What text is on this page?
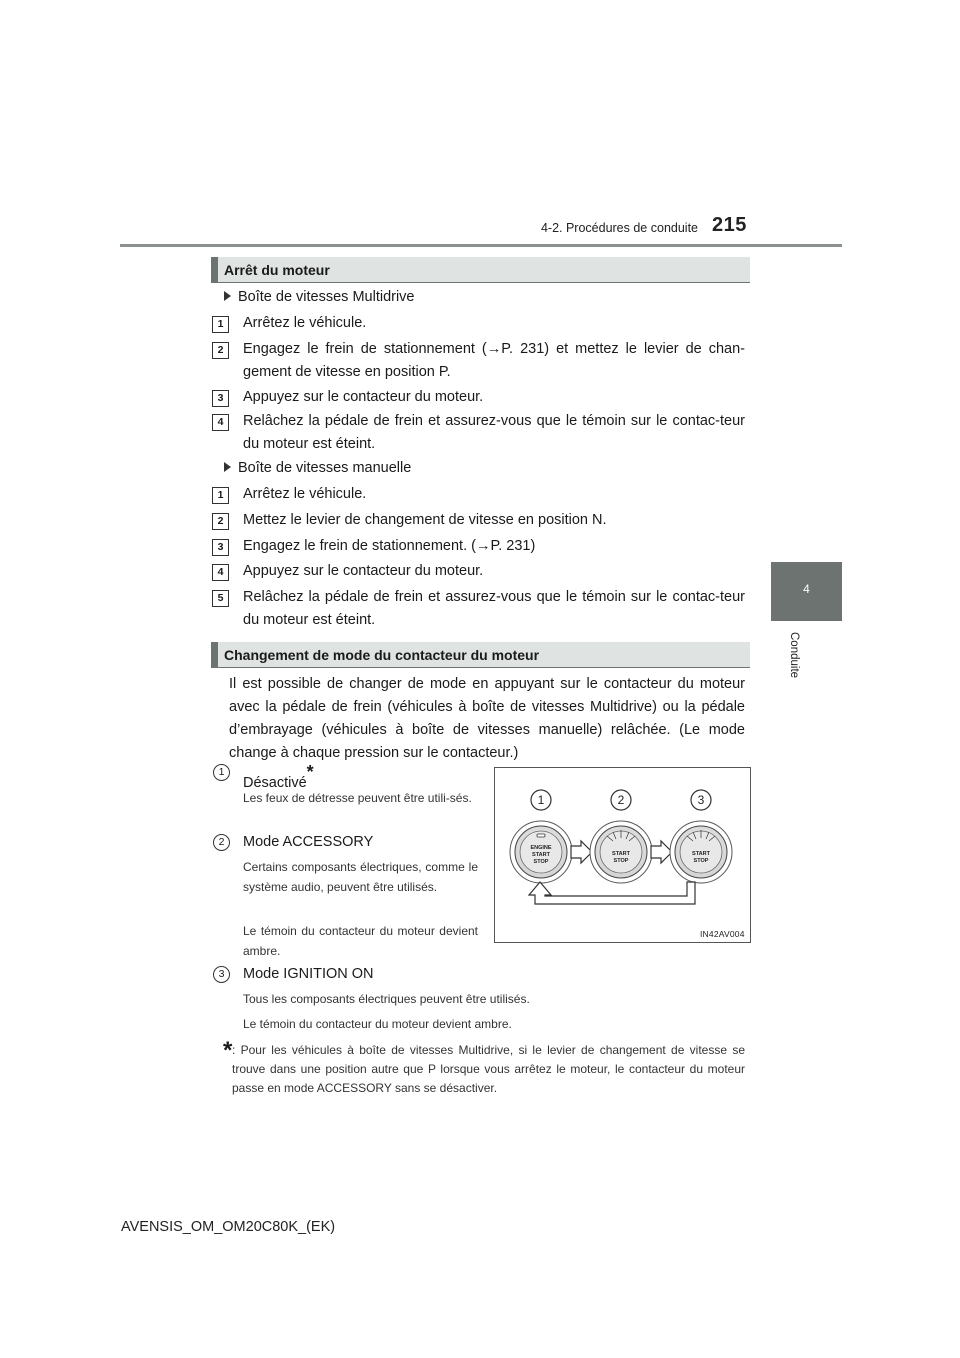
4-2. Procédures de conduite 215
4
Conduite
Arrêt du moteur
Boîte de vitesses Multidrive
1	Arrêtez le véhicule.
2	Engagez le frein de stationnement (→P. 231) et mettez le levier de chan-gement de vitesse en position P.
3	Appuyez sur le contacteur du moteur.
4	Relâchez la pédale de frein et assurez-vous que le témoin sur le contac-teur du moteur est éteint.
Boîte de vitesses manuelle
1	Arrêtez le véhicule.
2	Mettez le levier de changement de vitesse en position N.
3	Engagez le frein de stationnement. (→P. 231)
4	Appuyez sur le contacteur du moteur.
5	Relâchez la pédale de frein et assurez-vous que le témoin sur le contac-teur du moteur est éteint.
Changement de mode du contacteur du moteur
Il est possible de changer de mode en appuyant sur le contacteur du moteur avec la pédale de frein (véhicules à boîte de vitesses Multidrive) ou la pédale d’embrayage (véhicules à boîte de vitesses manuelle) relâchée. (Le mode change à chaque pression sur le contacteur.)
1
Désactivé*
Les feux de détresse peuvent être utili-sés.
2	Mode ACCESSORY
Certains composants électriques, comme le système audio, peuvent être utilisés.
Le témoin du contacteur du moteur devient ambre.
3	Mode IGNITION ON
Tous les composants électriques peuvent être utilisés.
Le témoin du contacteur du moteur devient ambre.
1	2	3
ENGINE
START
STOP
START
STOP
START
STOP
IN42AV004
* : Pour les véhicules à boîte de vitesses Multidrive, si le levier de changement de vitesse se trouve dans une position autre que P lorsque vous arrêtez le moteur, le contacteur du moteur passe en mode ACCESSORY sans se désactiver.
AVENSIS_OM_OM20C80K_(EK)
